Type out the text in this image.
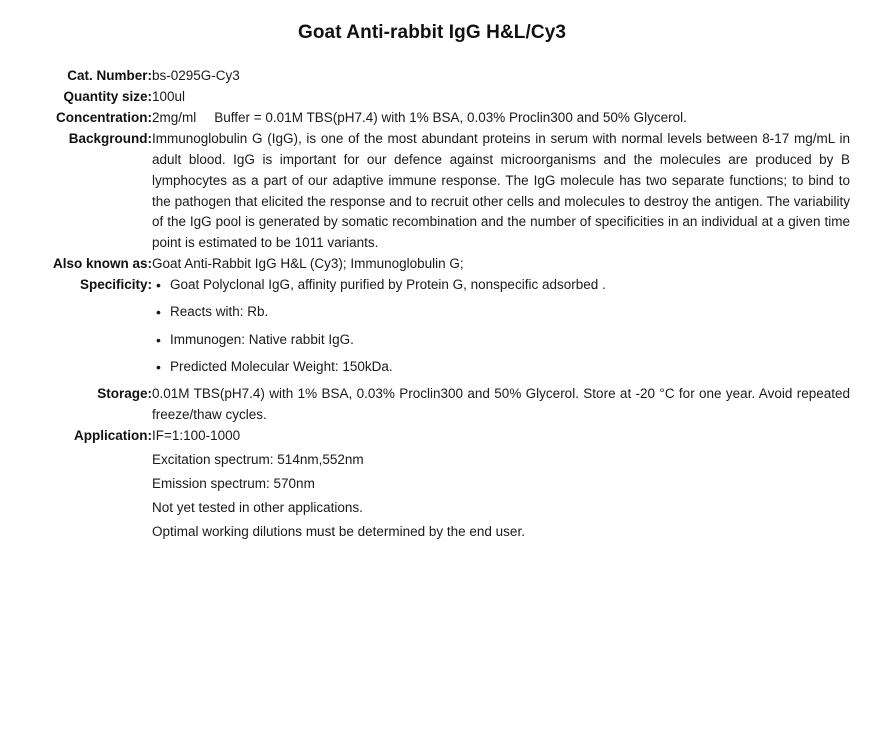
Goat Anti-rabbit IgG H&L/Cy3
Cat. Number:	bs-0295G-Cy3
Quantity size:	100ul
Concentration:	2mg/ml Buffer = 0.01M TBS(pH7.4) with 1% BSA, 0.03% Proclin300 and 50% Glycerol.
Background:	Immunoglobulin G (IgG), is one of the most abundant proteins in serum with normal levels between 8-17 mg/mL in adult blood. IgG is important for our defence against microorganisms and the molecules are produced by B lymphocytes as a part of our adaptive immune response. The IgG molecule has two separate functions; to bind to the pathogen that elicited the response and to recruit other cells and molecules to destroy the antigen. The variability of the IgG pool is generated by somatic recombination and the number of specificities in an individual at a given time point is estimated to be 1011 variants.
Also known as:	Goat Anti-Rabbit IgG H&L (Cy3); Immunoglobulin G;
Specificity:	
•Goat Polyclonal IgG, affinity purified by Protein G, nonspecific adsorbed .
• Reacts with: Rb.
• Immunogen: Native rabbit IgG.
• Predicted Molecular Weight: 150kDa.

Storage:	0.01M TBS(pH7.4) with 1% BSA, 0.03% Proclin300 and 50% Glycerol. Store at -20 °C for one year. Avoid repeated freeze/thaw cycles.
Application:	IF=1:100-1000
Excitation spectrum: 514nm,552nm
Emission spectrum: 570nm
Not yet tested in other applications.
Optimal working dilutions must be determined by the end user.
